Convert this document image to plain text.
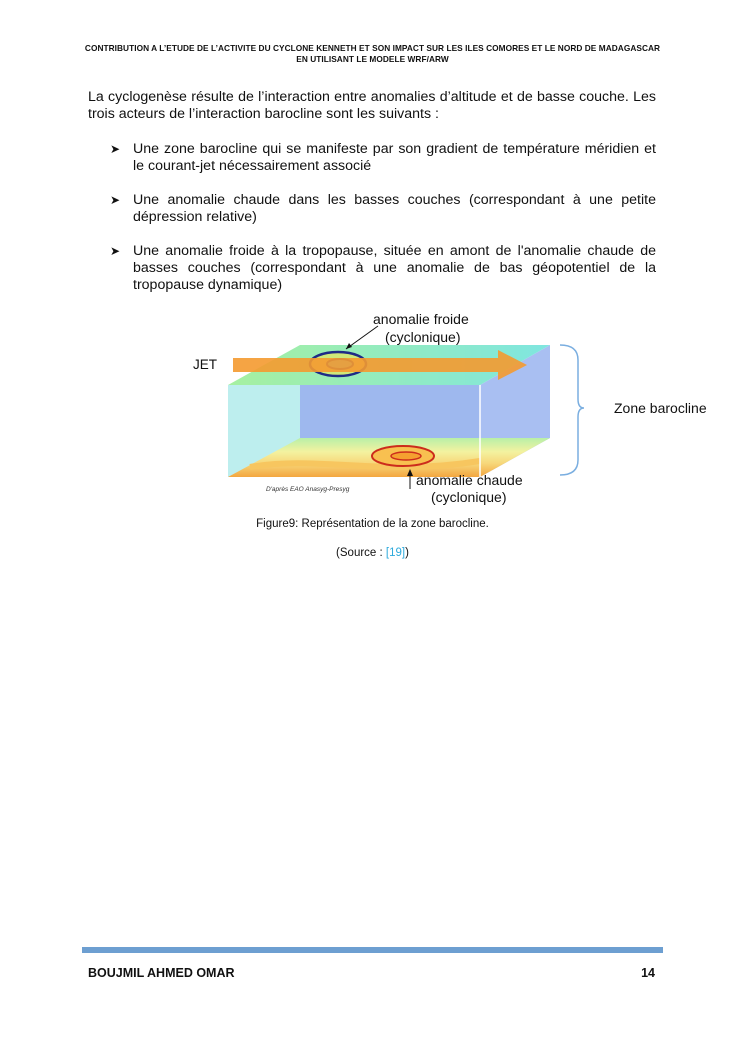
CONTRIBUTION A L’ETUDE DE L’ACTIVITE DU CYCLONE KENNETH ET SON IMPACT SUR LES ILES COMORES ET LE NORD DE MADAGASCAR
EN UTILISANT LE MODELE WRF/ARW

La cyclogenèse résulte de l’interaction entre anomalies d’altitude et de basse couche. Les trois acteurs de l’interaction barocline sont les suivants :

➤ Une zone barocline qui se manifeste par son gradient de température méridien et le courant-jet nécessairement associé
➤ Une anomalie chaude dans les basses couches (correspondant à une petite dépression relative)
➤ Une anomalie froide à la tropopause, située en amont de l'anomalie chaude de basses couches (correspondant à une anomalie de bas géopotentiel de la tropopause dynamique)
anomalie froide
(cyclonique)
JET
Zone barocline
anomalie chaude
(cyclonique)
D'après EAO Anasyg-Presyg
Figure9: Représentation de la zone barocline.
(Source : [19])
BOUJMIL AHMED OMAR	14
